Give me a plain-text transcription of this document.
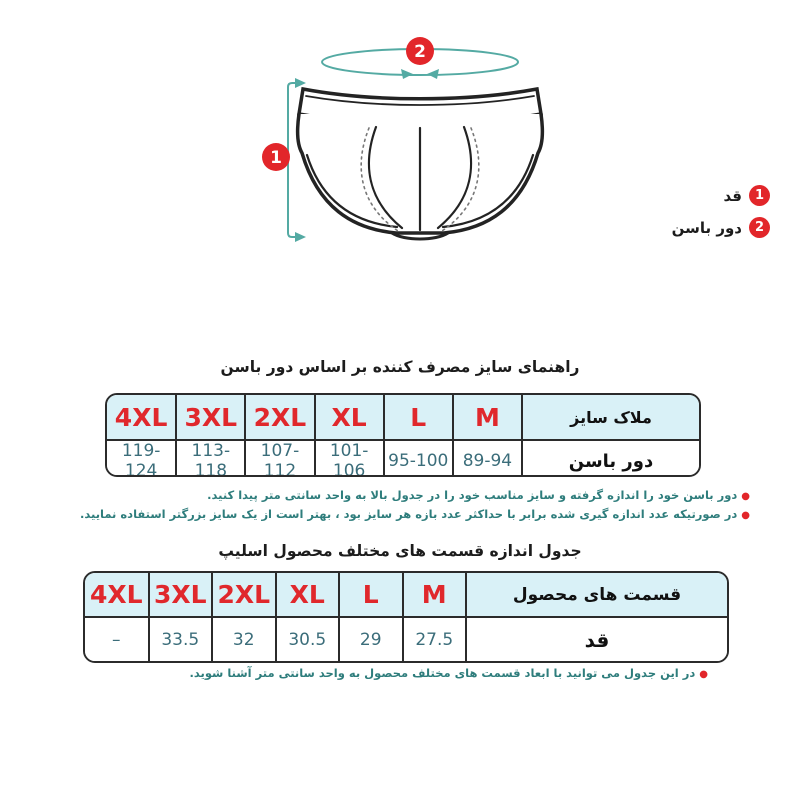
2
1
1
قد
2
دور باسن
راهنمای سایز مصرف کننده بر اساس دور باسن
ملاک سایز	M	L	XL	2XL	3XL	4XL
دور باسن	89-94	95-100	101-106	107-112	113-118	119-124
●دور باسن خود را اندازه گرفته و سایز مناسب خود را در جدول بالا به واحد سانتی متر پیدا کنید.
●در صورتیکه عدد اندازه گیری شده برابر با حداکثر عدد بازه هر سایز بود ، بهتر است از یک سایز بزرگتر استفاده نمایید.
جدول اندازه قسمت های مختلف محصول اسلیپ
قسمت های محصول	M	L	XL	2XL	3XL	4XL
قد	27.5	29	30.5	32	33.5	–
●در این جدول می توانید با ابعاد قسمت های مختلف محصول به واحد سانتی متر آشنا شوید.
